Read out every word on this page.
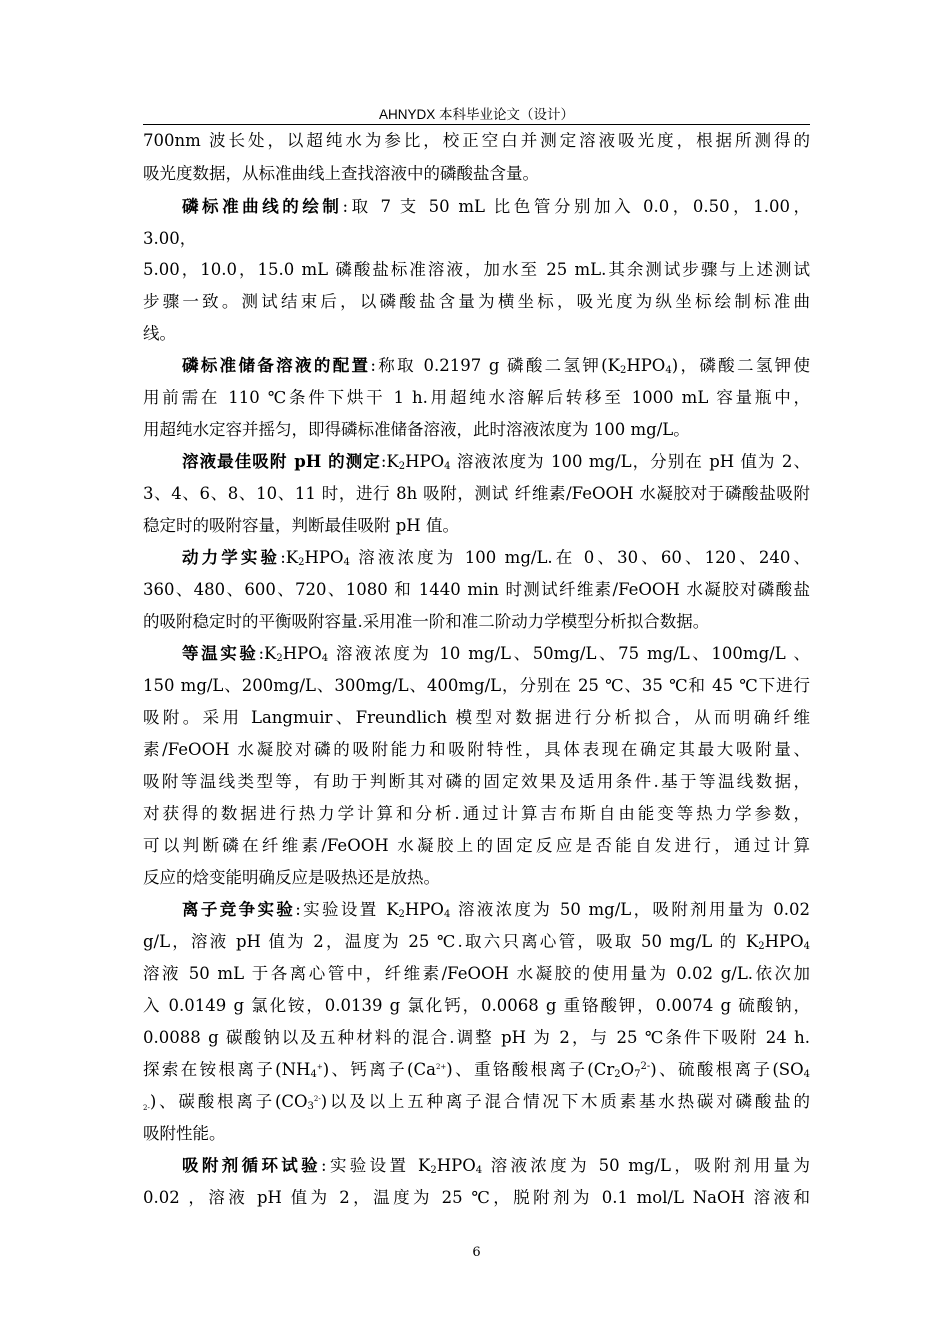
AHNYDX 本科毕业论文（设计）
700nm 波长处，以超纯水为参比，校正空白并测定溶液吸光度，根据所测得的
吸光度数据，从标准曲线上查找溶液中的磷酸盐含量。
磷标准曲线的绘制:取 7 支 50 mL 比色管分别加入 0.0，0.50，1.00，
3.00，
5.00，10.0，15.0 mL 磷酸盐标准溶液，加水至 25 mL.其余测试步骤与上述测试
步骤一致。测试结束后，以磷酸盐含量为横坐标，吸光度为纵坐标绘制标准曲
线。
磷标准储备溶液的配置:称取 0.2197 g 磷酸二氢钾$(K_2HPO_4)$，磷酸二氢钾使
用前需在 110 ℃条件下烘干 1 h.用超纯水溶解后转移至 1000 mL 容量瓶中，
用超纯水定容并摇匀，即得磷标准储备溶液，此时溶液浓度为 100 mg/L。
溶液最佳吸附 pH 的测定$:K_2HPO_4$ 溶液浓度为 100 mg/L，分别在 pH 值为 2、
3、4、6、8、10、11 时，进行 8h 吸附，测试 纤维素/FeOOH 水凝胶对于磷酸盐吸附
稳定时的吸附容量，判断最佳吸附 pH 值。
动力学实验$:K_2HPO_4$ 溶液浓度为 100 mg/L.在 0、30、60、120、240、
360、480、600、720、1080 和 1440 min 时测试纤维素/FeOOH 水凝胶对磷酸盐
的吸附稳定时的平衡吸附容量.采用准一阶和准二阶动力学模型分析拟合数据。
等温实验$:K_2HPO_4$ 溶液浓度为 10 mg/L、50mg/L、75 mg/L、100mg/L 、
150 mg/L、200mg/L、300mg/L、400mg/L，分别在 25 ℃、35 ℃和 45 ℃下进行
吸附。采用 Langmuir、Freundlich 模型对数据进行分析拟合，从而明确纤维
素/FeOOH 水凝胶对磷的吸附能力和吸附特性，具体表现在确定其最大吸附量、
吸附等温线类型等，有助于判断其对磷的固定效果及适用条件.基于等温线数据，
对获得的数据进行热力学计算和分析.通过计算吉布斯自由能变等热力学参数，
可以判断磷在纤维素/FeOOH 水凝胶上的固定反应是否能自发进行，通过计算
反应的焓变能明确反应是吸热还是放热。
离子竞争实验:实验设置 $K_2HPO_4$ 溶液浓度为 50 mg/L，吸附剂用量为 0.02
g/L，溶液 pH 值为 2，温度为 25 ℃.取六只离心管，吸取 50 mg/L 的 $K_2HPO_4$
溶液 50 mL 于各离心管中，纤维素/FeOOH 水凝胶的使用量为 0.02 g/L.依次加
入 0.0149 g 氯化铵，0.0139 g 氯化钙，0.0068 g 重铬酸钾，0.0074 g 硫酸钠，
0.0088 g 碳酸钠以及五种材料的混合.调整 pH 为 2，与 25 ℃条件下吸附 24 h.
探索在铵根离子$(NH_4^+)$、钙离子$(Ca^{2+})$、重铬酸根离子$(Cr_2O_7^{2-})$、硫酸根离子($SO_4$
2-)、碳酸根离子$(CO_3^{2-})$以及以上五种离子混合情况下木质素基水热碳对磷酸盐的
吸附性能。
吸附剂循环试验:实验设置 $K_2HPO_4$ 溶液浓度为 50 mg/L，吸附剂用量为
0.02 ，溶液 pH 值为 2，温度为 25 ℃，脱附剂为 0.1 mol/L NaOH 溶液和
6
